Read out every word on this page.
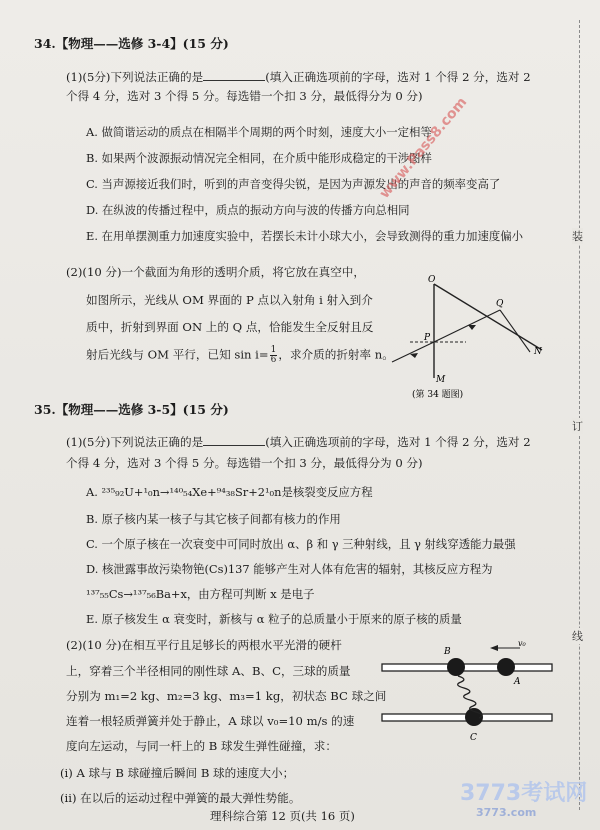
34.【物理——选修 3-4】(15 分)
(1)(5分)下列说法正确的是	(填入正确选项前的字母，选对 1 个得 2 分，选对 2
个得 4 分，选对 3 个得 5 分。每选错一个扣 3 分，最低得分为 0 分)
A. 做简谐运动的质点在相隔半个周期的两个时刻，速度大小一定相等
B. 如果两个波源振动情况完全相同，在介质中能形成稳定的干涉图样
C. 当声源接近我们时，听到的声音变得尖锐，是因为声源发出的声音的频率变高了
D. 在纵波的传播过程中，质点的振动方向与波的传播方向总相同
E. 在用单摆测重力加速度实验中，若摆长未计小球大小，会导致测得的重力加速度偏小
(2)(10 分)一个截面为角形的透明介质，将它放在真空中，
如图所示，光线从 OM 界面的 P 点以入射角 i 射入到介
质中，折射到界面 ON 上的 Q 点，恰能发生全反射且反
射后光线与 OM 平行，已知 $\sin i= \frac{1}{6}$ ，求介质的折射率 n。
O
P
Q
N
M
(第 34 题图)
35.【物理——选修 3-5】(15 分)
(1)(5分)下列说法正确的是	(填入正确选项前的字母，选对 1 个得 2 分，选对 2
个得 4 分，选对 3 个得 5 分。每选错一个扣 3 分，最低得分为 0 分)
A. ²³⁵₉₂U+¹₀n→¹⁴⁰₅₄Xe+⁹⁴₃₈Sr+2¹₀n是核裂变反应方程
B. 原子核内某一核子与其它核子间都有核力的作用
C. 一个原子核在一次衰变中可同时放出 α、β 和 γ 三种射线，且 γ 射线穿透能力最强
D. 核泄露事故污染物铯(Cs)137 能够产生对人体有危害的辐射，其核反应方程为
¹³⁷₅₅Cs→¹³⁷₅₆Ba+x，由方程可判断 x 是电子
E. 原子核发生 α 衰变时，新核与 α 粒子的总质量小于原来的原子核的质量
(2)(10 分)在相互平行且足够长的两根水平光滑的硬杆
上，穿着三个半径相同的刚性球 A、B、C，三球的质量
分别为 m₁=2 kg、m₂=3 kg、m₃=1 kg，初状态 BC 球之间
连着一根轻质弹簧并处于静止，A 球以 v₀=10 m/s 的速
度向左运动，与同一杆上的 B 球发生弹性碰撞，求：
(i) A 球与 B 球碰撞后瞬间 B 球的速度大小；
(ii) 在以后的运动过程中弹簧的最大弹性势能。
v₀
B
A
C
理科综合第 12 页(共 16 页)
装
订
线
www.Pass8.com
3773考试网
3773.com
